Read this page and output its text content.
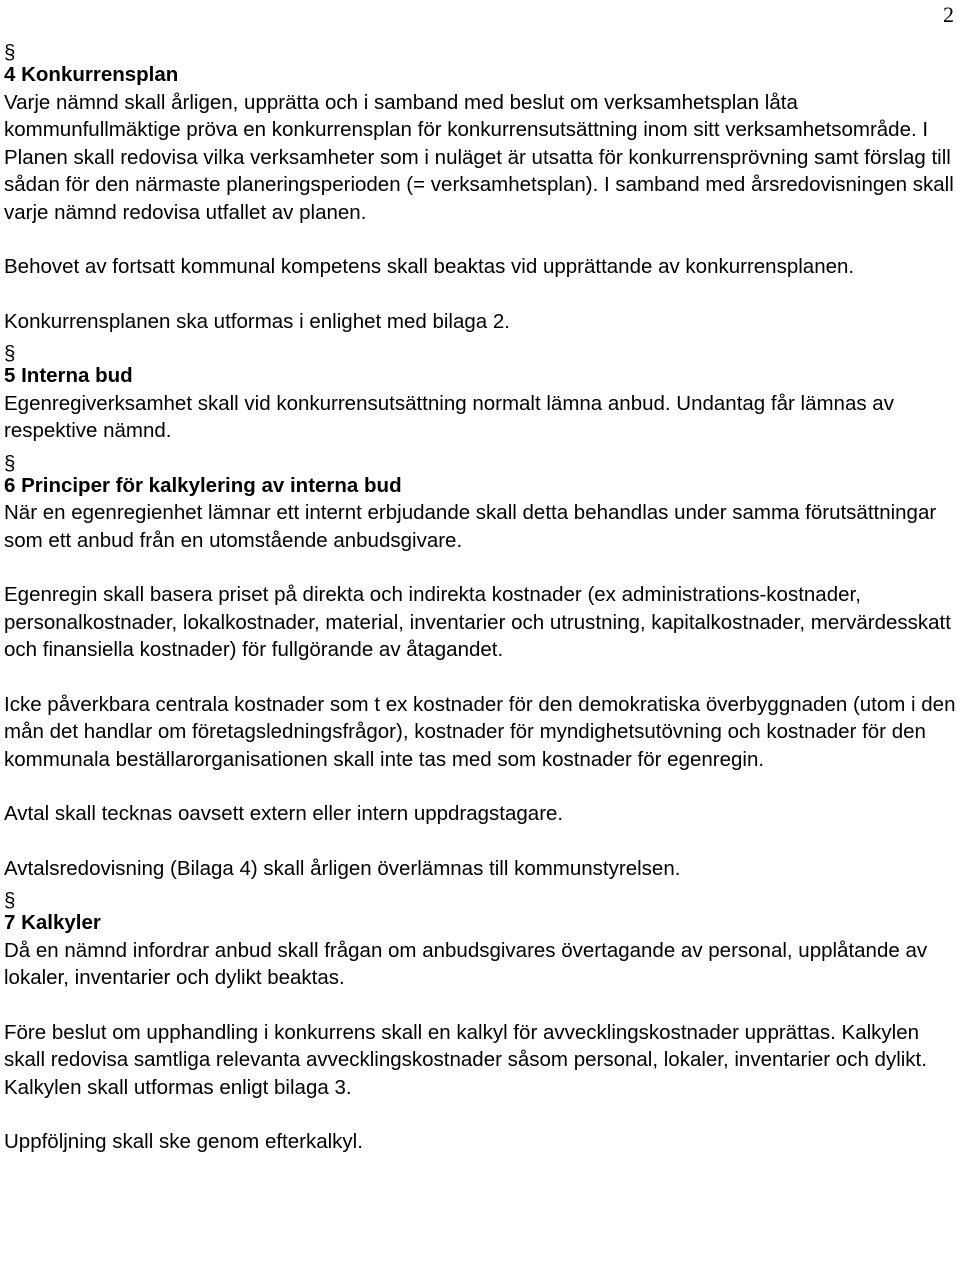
2
§
4 Konkurrensplan

Varje nämnd skall årligen, upprätta och i samband med beslut om verksamhetsplan låta kommunfullmäktige pröva en konkurrensplan för konkurrensutsättning inom sitt verksamhetsområde. I Planen skall redovisa vilka verksamheter som i nuläget är utsatta för konkurrensprövning samt förslag till sådan för den närmaste planeringsperioden (= verksamhetsplan). I samband med årsredovisningen skall varje nämnd redovisa utfallet av planen.

Behovet av fortsatt kommunal kompetens skall beaktas vid upprättande av konkurrensplanen.

Konkurrensplanen ska utformas i enlighet med bilaga 2.

§
5 Interna bud

Egenregiverksamhet skall vid konkurrensutsättning normalt lämna anbud. Undantag får lämnas av respektive nämnd.

§
6 Principer för kalkylering av interna bud

När en egenregienhet lämnar ett internt erbjudande skall detta behandlas under samma förutsättningar som ett anbud från en utomstående anbudsgivare.

Egenregin skall basera priset på direkta och indirekta kostnader (ex administrations-kostnader, personalkostnader, lokalkostnader, material, inventarier och utrustning, kapitalkostnader, mervärdesskatt och finansiella kostnader) för fullgörande av åtagandet.

Icke påverkbara centrala kostnader som t ex kostnader för den demokratiska överbyggnaden (utom i den mån det handlar om företagsledningsfrågor), kostnader för myndighetsutövning och kostnader för den kommunala beställarorganisationen skall inte tas med som kostnader för egenregin.

Avtal skall tecknas oavsett extern eller intern uppdragstagare.

Avtalsredovisning (Bilaga 4) skall årligen överlämnas till kommunstyrelsen.

§
7 Kalkyler

Då en nämnd infordrar anbud skall frågan om anbudsgivares övertagande av personal, upplåtande av lokaler, inventarier och dylikt beaktas.

Före beslut om upphandling i konkurrens skall en kalkyl för avvecklingskostnader upprättas. Kalkylen skall redovisa samtliga relevanta avvecklingskostnader såsom personal, lokaler, inventarier och dylikt. Kalkylen skall utformas enligt bilaga 3.

Uppföljning skall ske genom efterkalkyl.
